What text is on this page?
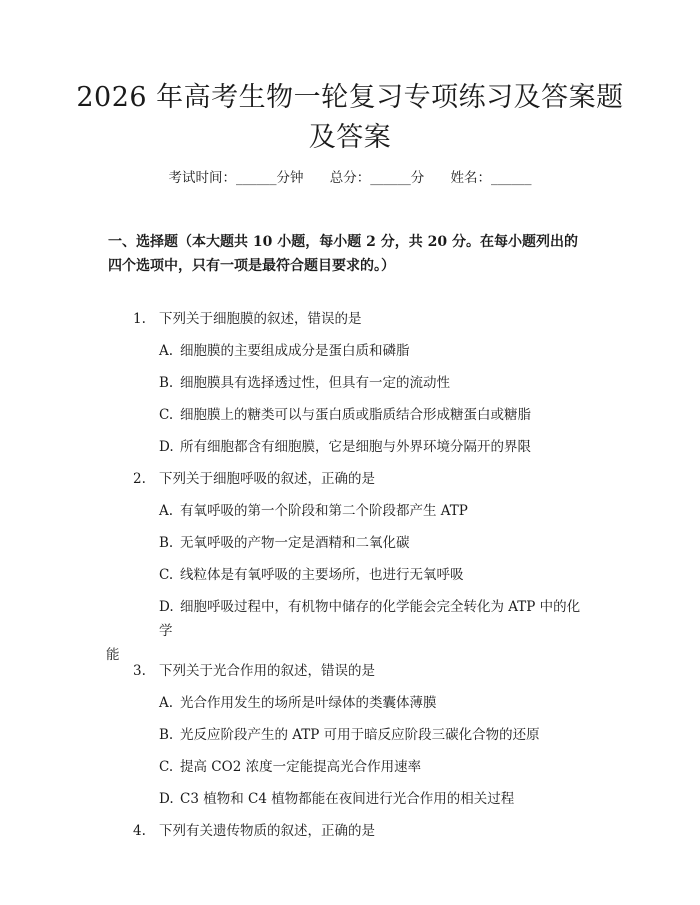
2026 年高考生物一轮复习专项练习及答案题
及答案
考试时间：______分钟 总分：______分 姓名：______

一、选择题（本大题共 10 小题，每小题 2 分，共 20 分。在每小题列出的四个选项中，只有一项是最符合题目要求的。）

1. 下列关于细胞膜的叙述，错误的是
A. 细胞膜的主要组成成分是蛋白质和磷脂
B. 细胞膜具有选择透过性，但具有一定的流动性
C. 细胞膜上的糖类可以与蛋白质或脂质结合形成糖蛋白或糖脂
D. 所有细胞都含有细胞膜，它是细胞与外界环境分隔开的界限
2. 下列关于细胞呼吸的叙述，正确的是
A. 有氧呼吸的第一个阶段和第二个阶段都产生 ATP
B. 无氧呼吸的产物一定是酒精和二氧化碳
C. 线粒体是有氧呼吸的主要场所，也进行无氧呼吸
D. 细胞呼吸过程中，有机物中储存的化学能会完全转化为 ATP 中的化学
能
3. 下列关于光合作用的叙述，错误的是
A. 光合作用发生的场所是叶绿体的类囊体薄膜
B. 光反应阶段产生的 ATP 可用于暗反应阶段三碳化合物的还原
C. 提高 CO2 浓度一定能提高光合作用速率
D. C3 植物和 C4 植物都能在夜间进行光合作用的相关过程
4. 下列有关遗传物质的叙述，正确的是
